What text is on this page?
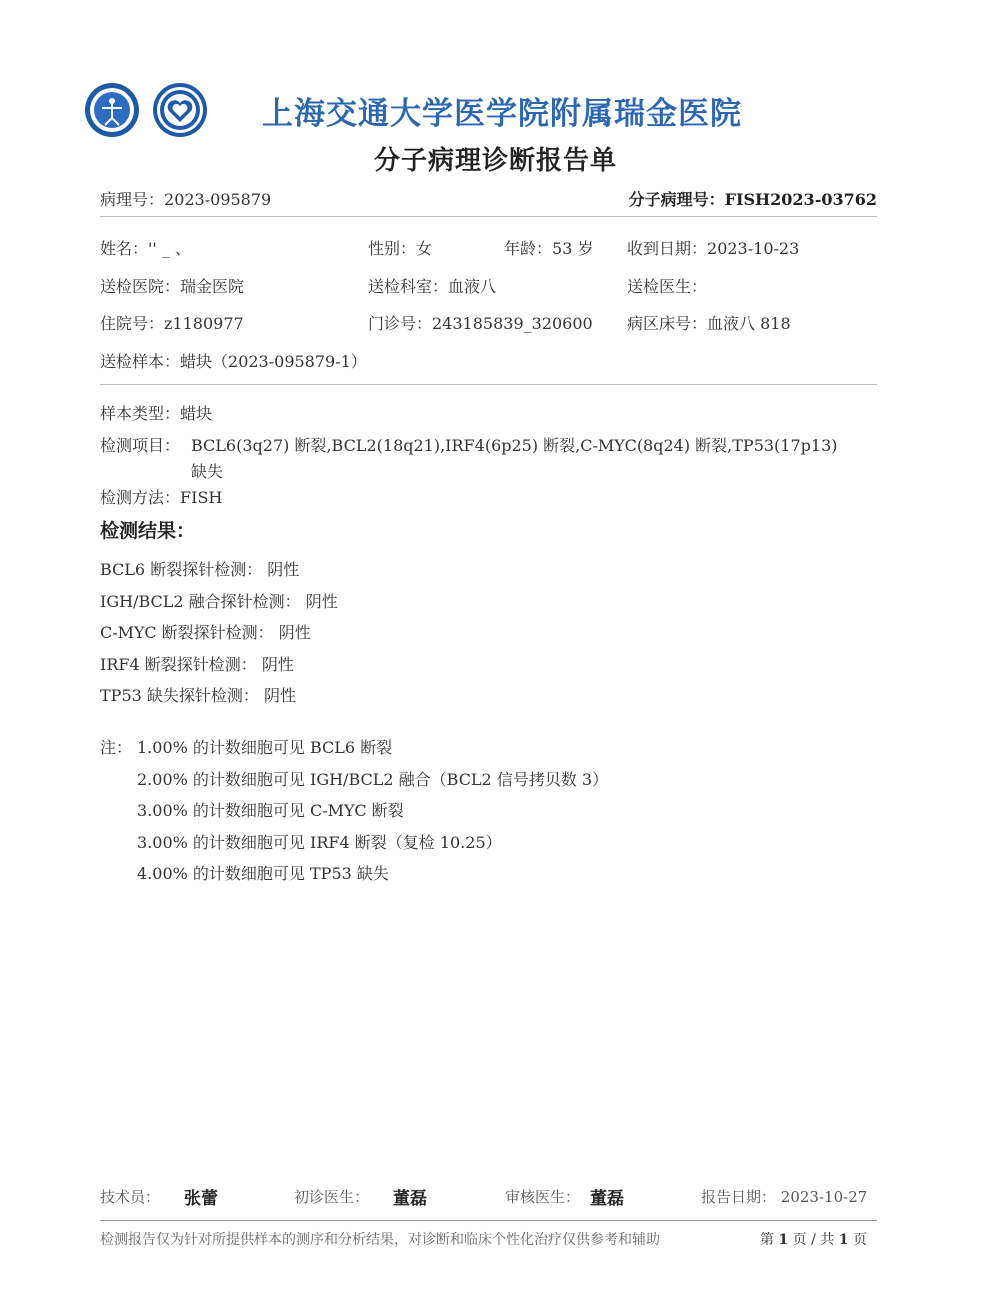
上海交通大学医学院附属瑞金医院
分子病理诊断报告单
病理号：2023-095879	分子病理号：FISH2023-03762
姓名：'' _ 、	性别：女	年龄：53 岁 收到日期：2023-10-23
送检医院：瑞金医院	送检科室：血液八	送检医生：
住院号：z1180977	门诊号：243185839_320600 病区床号：血液八 818
送检样本：蜡块（2023-095879-1）
样本类型：蜡块
检测项目： BCL6(3q27) 断裂,BCL2(18q21),IRF4(6p25) 断裂,C-MYC(8q24) 断裂,TP53(17p13)
缺失
检测方法：FISH
检测结果：
BCL6 断裂探针检测： 阴性
IGH/BCL2 融合探针检测： 阴性
C-MYC 断裂探针检测： 阴性
IRF4 断裂探针检测： 阴性
TP53 缺失探针检测： 阴性
注： 1.00% 的计数细胞可见 BCL6 断裂
2.00% 的计数细胞可见 IGH/BCL2 融合（BCL2 信号拷贝数 3）
3.00% 的计数细胞可见 C-MYC 断裂
3.00% 的计数细胞可见 IRF4 断裂（复检 10.25）
4.00% 的计数细胞可见 TP53 缺失
技术员： 张蕾	初诊医生： 董磊	审核医生： 董磊	报告日期： 2023-10-27
检测报告仅为针对所提供样本的测序和分析结果，对诊断和临床个性化治疗仅供参考和辅助	第 1 页 / 共 1 页
